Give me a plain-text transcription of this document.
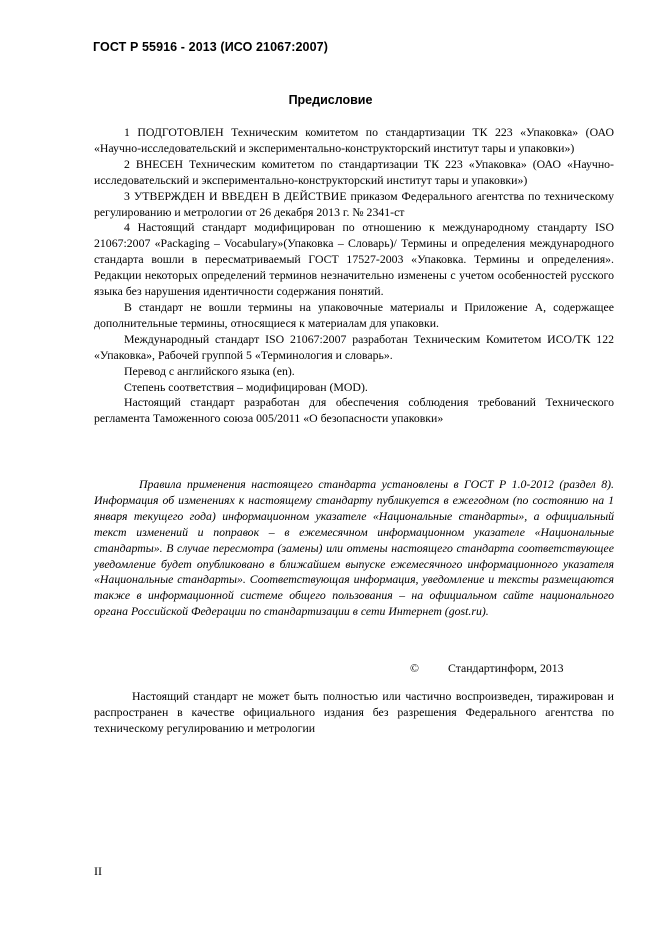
ГОСТ Р 55916 - 2013 (ИСО 21067:2007)
Предисловие

1 ПОДГОТОВЛЕН Техническим комитетом по стандартизации ТК 223 «Упаковка» (ОАО «Научно-исследовательский и экспериментально-конструкторский институт тары и упаковки»)

2 ВНЕСЕН Техническим комитетом по стандартизации ТК 223 «Упаковка» (ОАО «Научно-исследовательский и экспериментально-конструкторский институт тары и упаковки»)

3 УТВЕРЖДЕН И ВВЕДЕН В ДЕЙСТВИЕ приказом Федерального агентства по техническому регулированию и метрологии от 26 декабря 2013 г. № 2341-ст

4 Настоящий стандарт модифицирован по отношению к международному стандарту ISO 21067:2007 «Packaging – Vocabulary»(Упаковка – Словарь)/ Термины и определения международного стандарта вошли в пересматриваемый ГОСТ 17527-2003 «Упаковка. Термины и определения». Редакции некоторых определений терминов незначительно изменены с учетом особенностей русского языка без нарушения идентичности содержания понятий.

В стандарт не вошли термины на упаковочные материалы и Приложение А, содержащее дополнительные термины, относящиеся к материалам для упаковки.

Международный стандарт ISO 21067:2007 разработан Техническим Комитетом ИСО/ТК 122 «Упаковка», Рабочей группой 5 «Терминология и словарь».

Перевод с английского языка (en).

Степень соответствия – модифицирован (MOD).

Настоящий стандарт разработан для обеспечения соблюдения требований Технического регламента Таможенного союза 005/2011 «О безопасности упаковки»

Правила применения настоящего стандарта установлены в ГОСТ Р 1.0-2012 (раздел 8). Информация об изменениях к настоящему стандарту публикуется в ежегодном (по состоянию на 1 января текущего года) информационном указателе «Национальные стандарты», а официальный текст изменений и поправок – в ежемесячном информационном указателе «Национальные стандарты». В случае пересмотра (замены) или отмены настоящего стандарта соответствующее уведомление будет опубликовано в ближайшем выпуске ежемесячного информационного указателя «Национальные стандарты». Соответствующая информация, уведомление и тексты размещаются также в информационной системе общего пользования – на официальном сайте национального органа Российской Федерации по стандартизации в сети Интернет (gost.ru).
© Стандартинформ, 2013
Настоящий стандарт не может быть полностью или частично воспроизведен, тиражирован и распространен в качестве официального издания без разрешения Федерального агентства по техническому регулированию и метрологии
II
